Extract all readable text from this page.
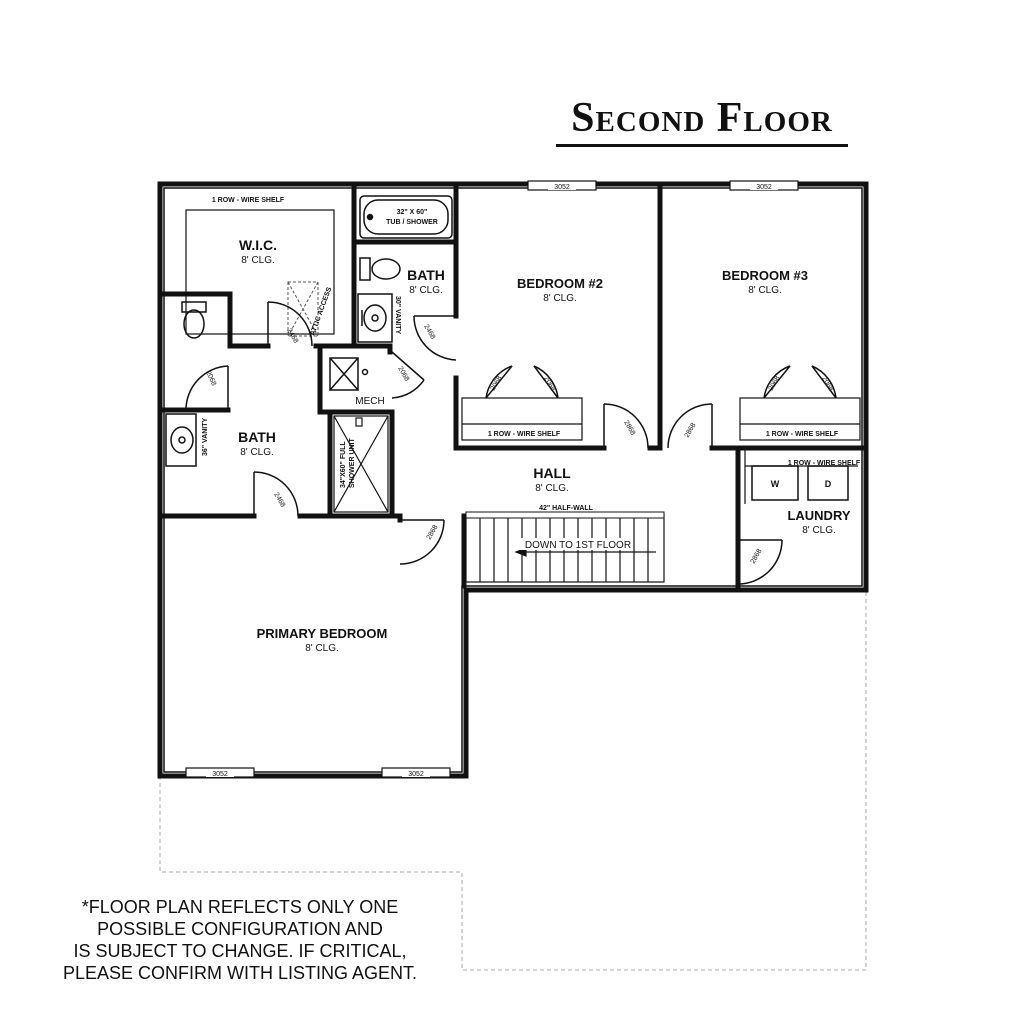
Second Floor
3052	3052
3052	3052
W.I.C.
8' CLG.
BATH
8' CLG.	BEDROOM #2
8' CLG.
BEDROOM #3
8' CLG.
BATH
8' CLG.
HALL
8' CLG.
LAUNDRY
8' CLG.
PRIMARY BEDROOM
8' CLG.
1 ROW - WIRE SHELF
ATTIC ACCESS
32" X 60"
TUB / SHOWER
30" VANITY
36" VANITY
MECH
34"X60" FULL SHOWER UNIT
1 ROW - WIRE SHELF	1 ROW - WIRE SHELF
1 ROW - WIRE SHELF
W	D
42" HALF-WALL
DOWN TO 1ST FLOOR
2468
2068
2468
2068
2068	2068
2868	2868
2068	2068
2468
2868
2868
*FLOOR PLAN REFLECTS ONLY ONE
POSSIBLE CONFIGURATION AND
IS SUBJECT TO CHANGE. IF CRITICAL,
PLEASE CONFIRM WITH LISTING AGENT.
